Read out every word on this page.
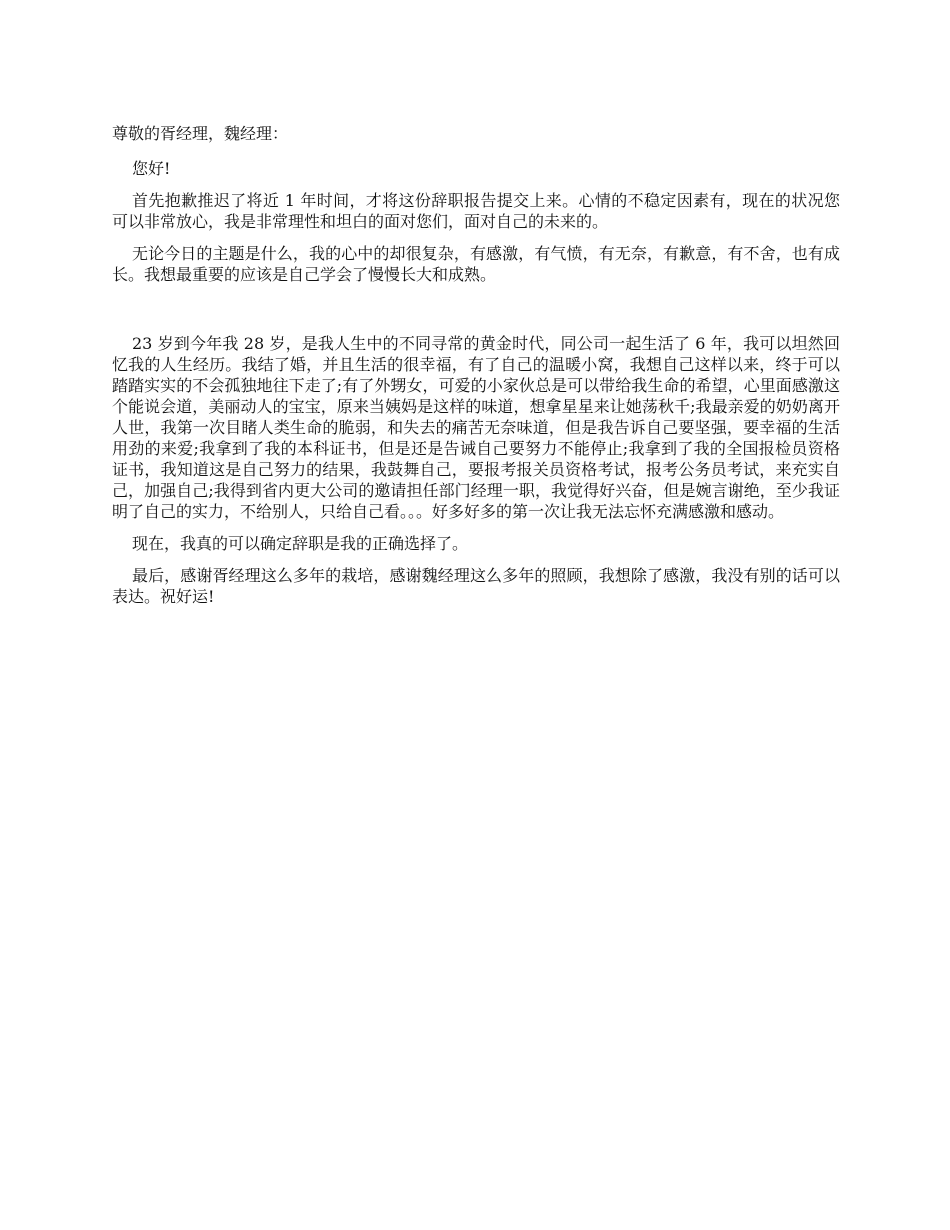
尊敬的胥经理，魏经理：

您好!

首先抱歉推迟了将近 1 年时间，才将这份辞职报告提交上来。心情的不稳定因素有，现在的状况您可以非常放心，我是非常理性和坦白的面对您们，面对自己的未来的。

无论今日的主题是什么，我的心中的却很复杂，有感激，有气愤，有无奈，有歉意，有不舍，也有成长。我想最重要的应该是自己学会了慢慢长大和成熟。

23 岁到今年我 28 岁，是我人生中的不同寻常的黄金时代，同公司一起生活了 6 年，我可以坦然回忆我的人生经历。我结了婚，并且生活的很幸福，有了自己的温暖小窝，我想自己这样以来，终于可以踏踏实实的不会孤独地往下走了;有了外甥女，可爱的小家伙总是可以带给我生命的希望，心里面感激这个能说会道，美丽动人的宝宝，原来当姨妈是这样的味道，想拿星星来让她荡秋千;我最亲爱的奶奶离开人世，我第一次目睹人类生命的脆弱，和失去的痛苦无奈味道，但是我告诉自己要坚强，要幸福的生活用劲的来爱;我拿到了我的本科证书，但是还是告诫自己要努力不能停止;我拿到了我的全国报检员资格证书，我知道这是自己努力的结果，我鼓舞自己，要报考报关员资格考试，报考公务员考试，来充实自己，加强自己;我得到省内更大公司的邀请担任部门经理一职，我觉得好兴奋，但是婉言谢绝，至少我证明了自己的实力，不给别人，只给自己看。。。好多好多的第一次让我无法忘怀充满感激和感动。

现在，我真的可以确定辞职是我的正确选择了。

最后，感谢胥经理这么多年的栽培，感谢魏经理这么多年的照顾，我想除了感激，我没有别的话可以表达。祝好运!
